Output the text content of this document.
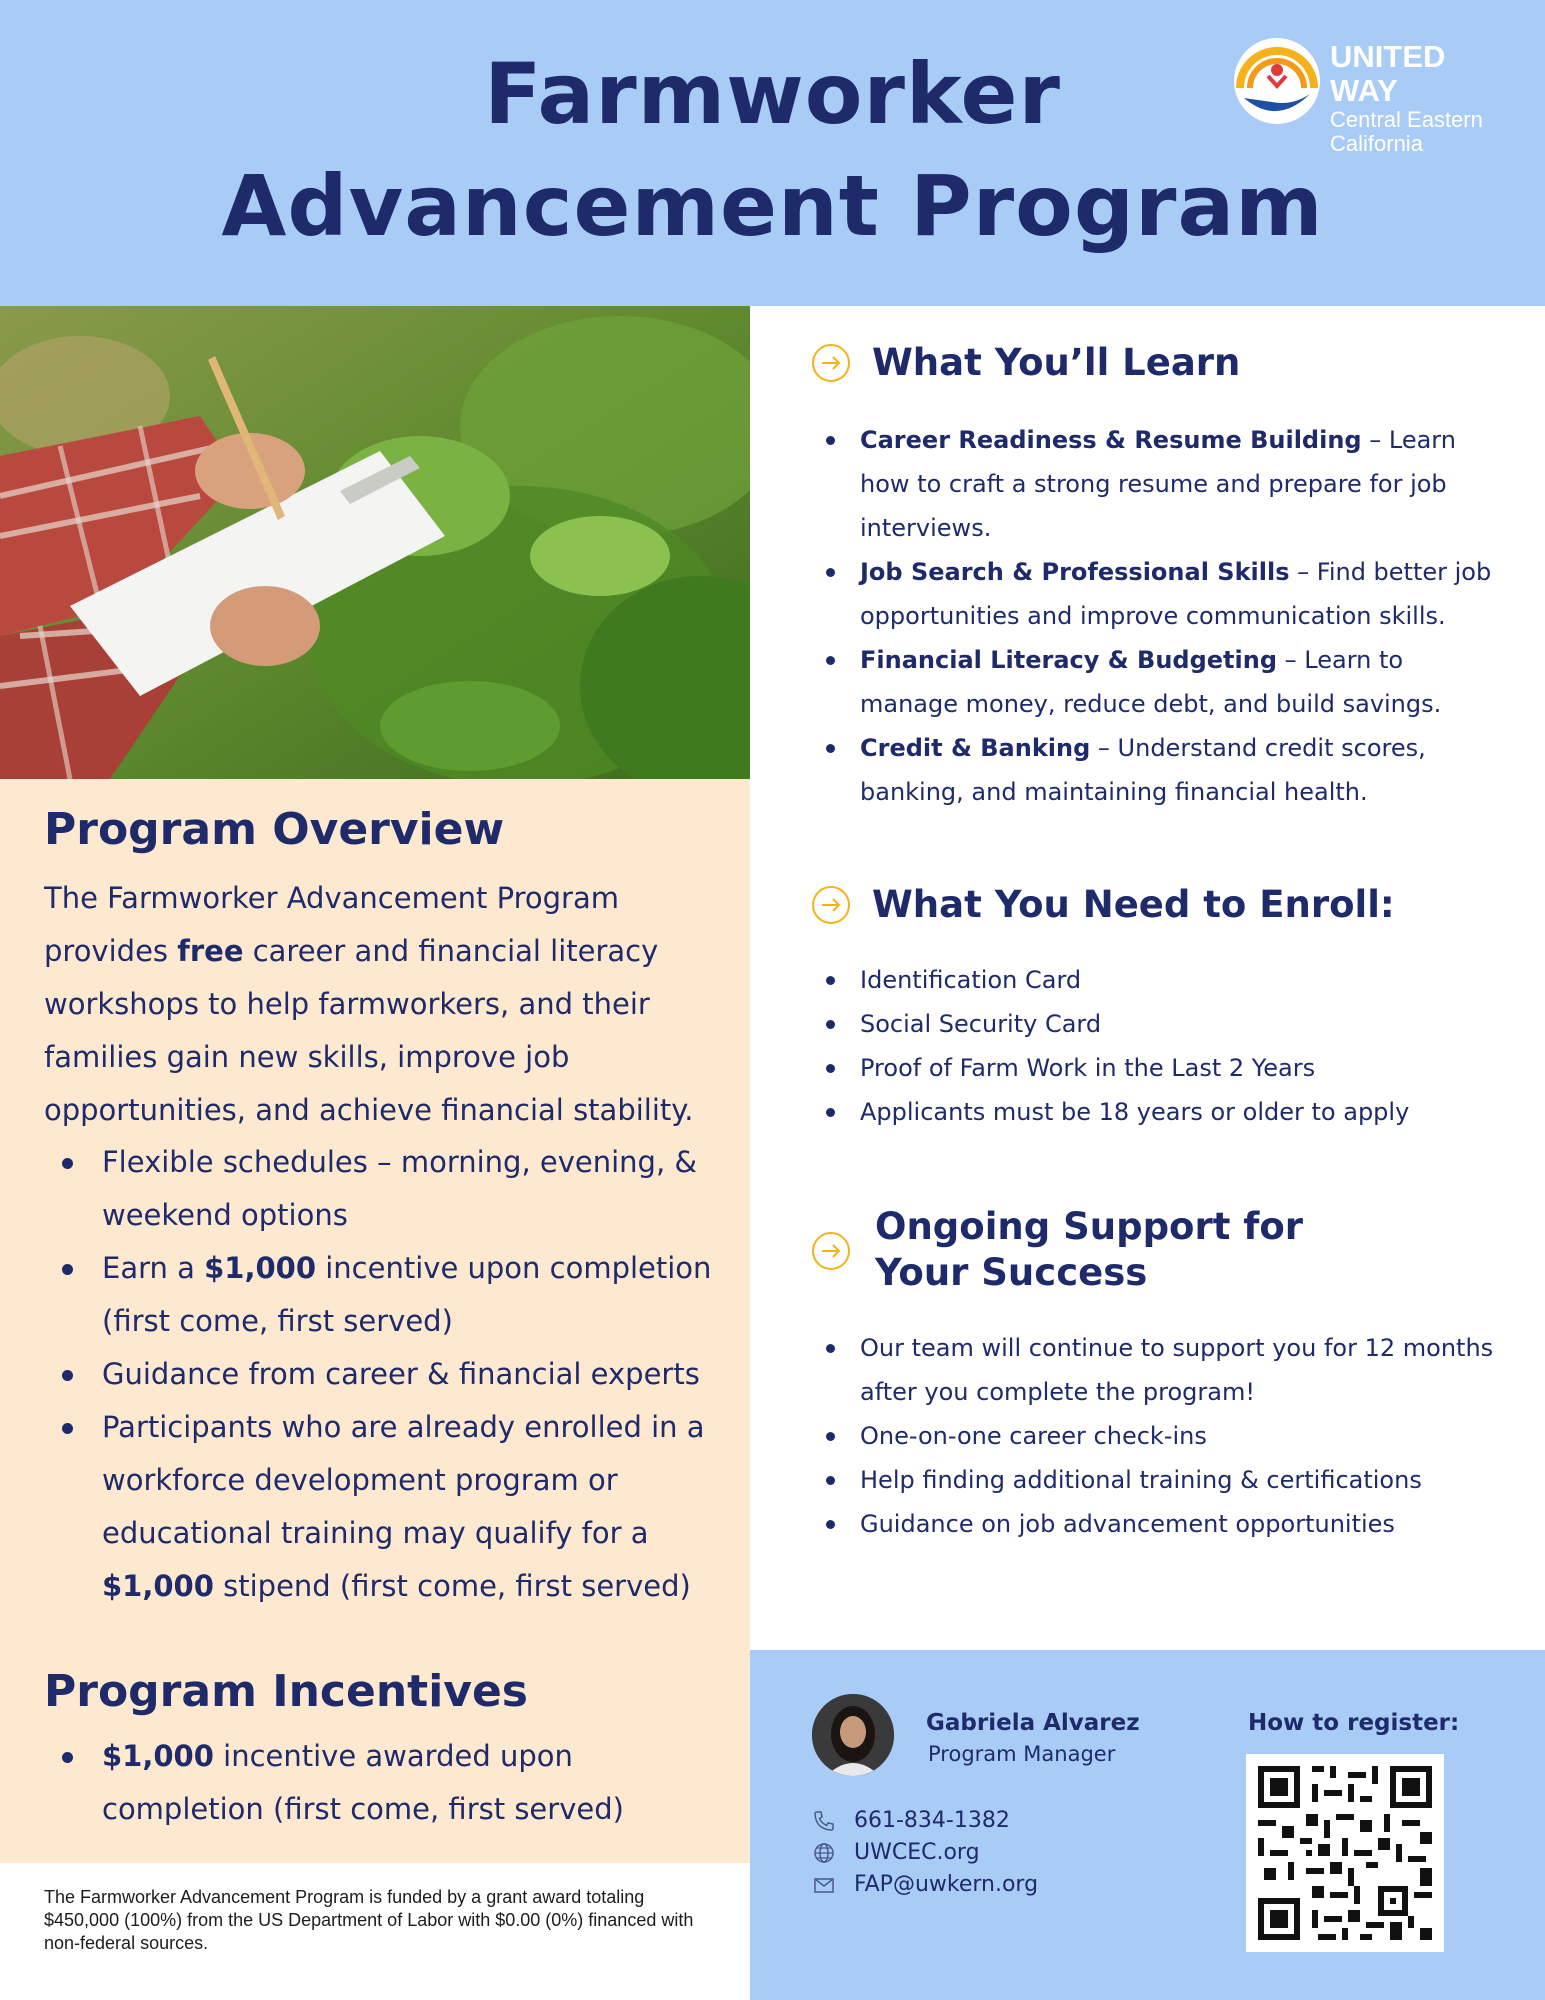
Farmworker
Advancement Program
UNITED WAY
Central Eastern
California
Program Overview
The Farmworker Advancement Program provides free career and financial literacy workshops to help farmworkers, and their families gain new skills, improve job opportunities, and achieve financial stability.
Flexible schedules – morning, evening, & weekend options
Earn a $1,000 incentive upon completion (first come, first served)
Guidance from career & financial experts
Participants who are already enrolled in a workforce development program or educational training may qualify for a $1,000 stipend (first come, first served)
Program Incentives
$1,000 incentive awarded upon completion (first come, first served)
The Farmworker Advancement Program is funded by a grant award totaling $450,000 (100%) from the US Department of Labor with $0.00 (0%) financed with non-federal sources.
What You’ll Learn
Career Readiness & Resume Building – Learn how to craft a strong resume and prepare for job interviews.
Job Search & Professional Skills – Find better job opportunities and improve communication skills.
Financial Literacy & Budgeting – Learn to manage money, reduce debt, and build savings.
Credit & Banking – Understand credit scores, banking, and maintaining financial health.
What You Need to Enroll:
Identification Card
Social Security Card
Proof of Farm Work in the Last 2 Years
Applicants must be 18 years or older to apply
Ongoing Support for
Your Success
Our team will continue to support you for 12 months after you complete the program!
One-on-one career check-ins
Help finding additional training & certifications
Guidance on job advancement opportunities
Gabriela Alvarez
Program Manager
661-834-1382
UWCEC.org
FAP@uwkern.org
How to register:
